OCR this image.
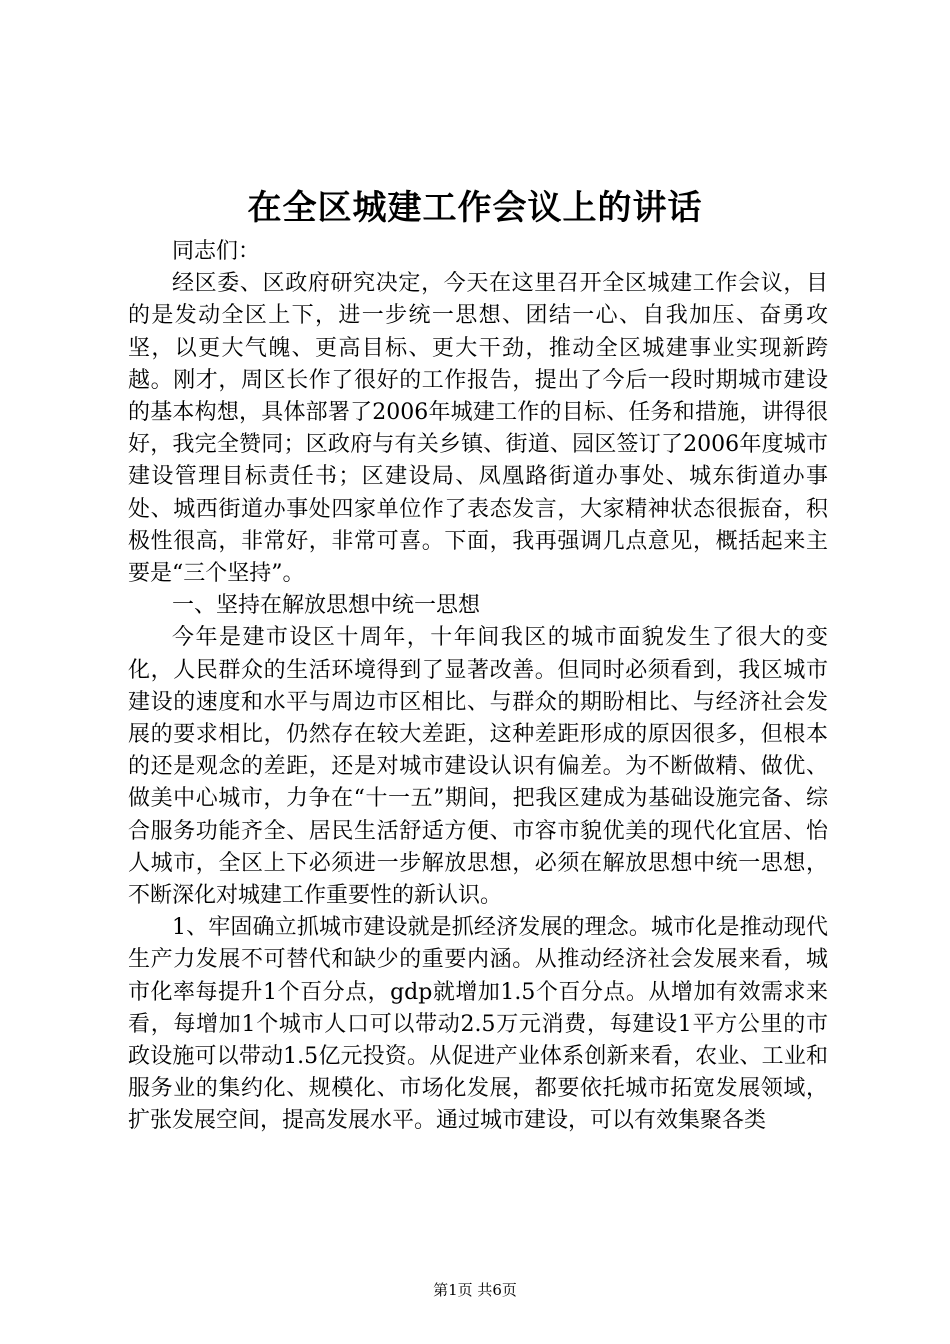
在全区城建工作会议上的讲话

同志们：

经区委、区政府研究决定，今天在这里召开全区城建工作会议，目的是发动全区上下，进一步统一思想、团结一心、自我加压、奋勇攻坚，以更大气魄、更高目标、更大干劲，推动全区城建事业实现新跨越。刚才，周区长作了很好的工作报告，提出了今后一段时期城市建设的基本构想，具体部署了2006年城建工作的目标、任务和措施，讲得很好，我完全赞同；区政府与有关乡镇、街道、园区签订了2006年度城市建设管理目标责任书；区建设局、凤凰路街道办事处、城东街道办事处、城西街道办事处四家单位作了表态发言，大家精神状态很振奋，积极性很高，非常好，非常可喜。下面，我再强调几点意见，概括起来主要是“三个坚持”。

一、坚持在解放思想中统一思想

今年是建市设区十周年，十年间我区的城市面貌发生了很大的变化，人民群众的生活环境得到了显著改善。但同时必须看到，我区城市建设的速度和水平与周边市区相比、与群众的期盼相比、与经济社会发展的要求相比，仍然存在较大差距，这种差距形成的原因很多，但根本的还是观念的差距，还是对城市建设认识有偏差。为不断做精、做优、做美中心城市，力争在“十一五”期间，把我区建成为基础设施完备、综合服务功能齐全、居民生活舒适方便、市容市貌优美的现代化宜居、怡人城市，全区上下必须进一步解放思想，必须在解放思想中统一思想，不断深化对城建工作重要性的新认识。

1、牢固确立抓城市建设就是抓经济发展的理念。城市化是推动现代生产力发展不可替代和缺少的重要内涵。从推动经济社会发展来看，城市化率每提升1个百分点，gdp就增加1.5个百分点。从增加有效需求来看，每增加1个城市人口可以带动2.5万元消费，每建设1平方公里的市政设施可以带动1.5亿元投资。从促进产业体系创新来看，农业、工业和服务业的集约化、规模化、市场化发展，都要依托城市拓宽发展领域，扩张发展空间，提高发展水平。通过城市建设，可以有效集聚各类

第1页 共6页
